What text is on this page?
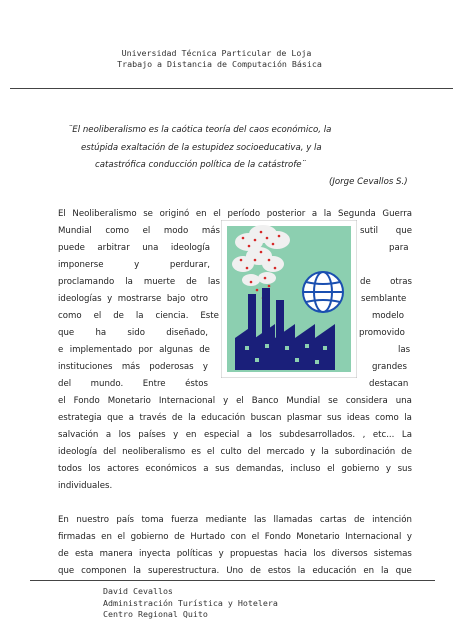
Universidad Técnica Particular de Loja
Trabajo a Distancia de Computación Básica
¨El neoliberalismo es la caótica teoría del caos económico, la
estúpida exaltación de la estupidez socioeducativa, y la
catastrófica conducción política de la catástrofe¨
(Jorge Cevallos S.)
El Neoliberalismo se originó en el período posterior a la Segunda Guerra
Mundial como el modo más	sutil que
puede arbitrar una ideología	para
imponerse	y	perdurar,
proclamando la muerte de las	de otras
ideologías y mostrarse bajo otro	semblante
como el de la ciencia. Este	modelo
que ha sido diseñado,	promovido
e implementado por algunas de	las
instituciones más poderosas y	grandes
del mundo. Entre éstos	destacan
el Fondo Monetario Internacional y el Banco Mundial se considera una
estrategia que a través de la educación buscan plasmar sus ideas como la
salvación a los países y en especial a los subdesarrollados. , etc... La
ideología del neoliberalismo es el culto del mercado y la subordinación de
todos los actores económicos a sus demandas, incluso el gobierno y sus
individuales.
En nuestro país toma fuerza mediante las llamadas cartas de intención
firmadas en el gobierno de Hurtado con el Fondo Monetario Internacional y
de esta manera inyecta políticas y propuestas hacia los diversos sistemas
que componen la superestructura. Uno de estos la educación en la que
David Cevallos
Administración Turística y Hotelera
Centro Regional Quito
